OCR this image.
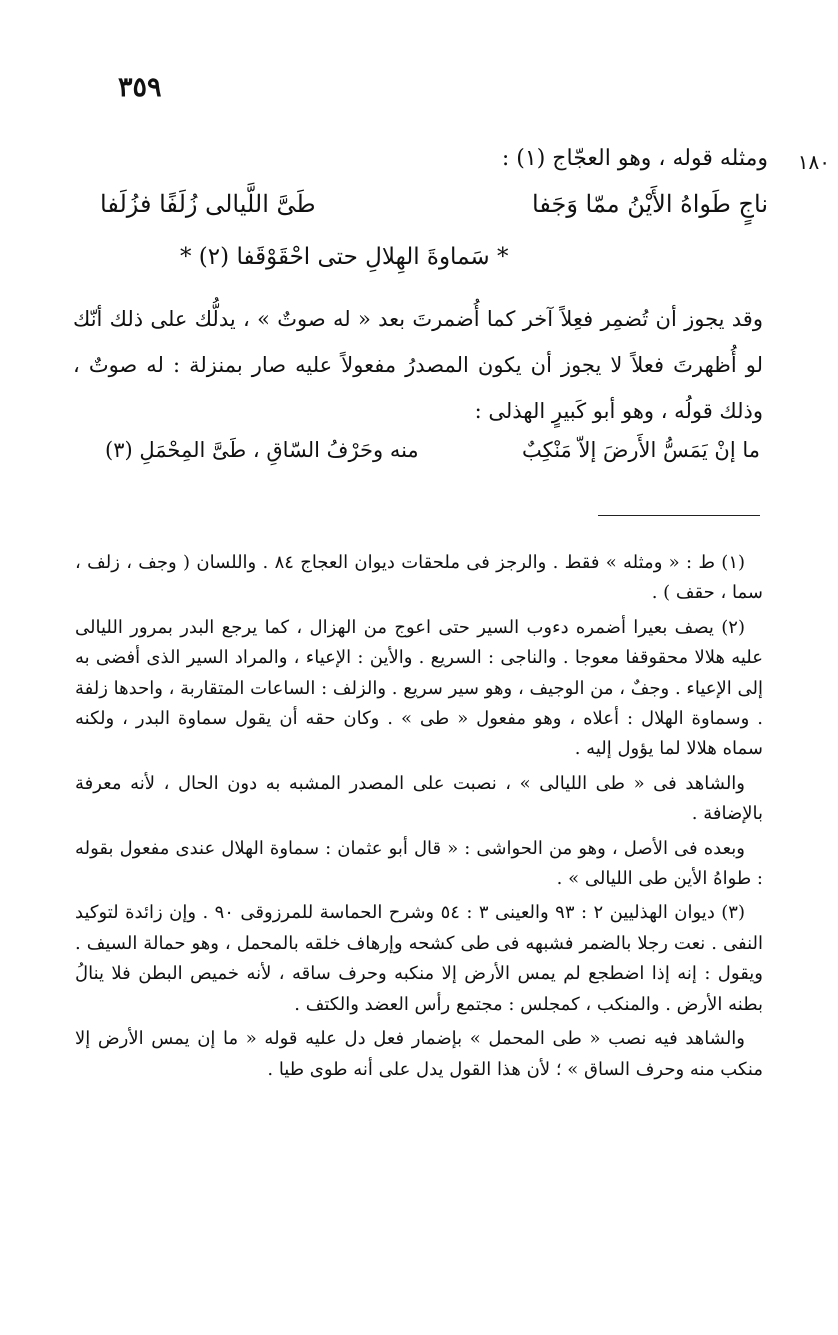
٣٥٩
١٨٠
ومثله قوله ، وهو العجّاج (١) :
ناجٍ طَواهُ الأَيْنُ ممّا وَجَفا
طَىَّ اللَّيالى زُلَفًا فزُلَفا
* سَماوةَ الهِلالِ حتى احْقَوْقَفا (٢) *
وقد يجوز أن تُضمِر فعِلاً آخر كما أُضمرتَ بعد « له صوتٌ » ، يدلُّك على ذلك أنّك لو أُظهرتَ فعلاً لا يجوز أن يكون المصدرُ مفعولاً عليه صار بمنزلة : له صوتٌ ، وذلك قولُه ، وهو أبو كَبيرٍ الهذلى :
ما إنْ يَمَسُّ الأَرضَ إلاّ مَنْكِبٌ
منه وحَرْفُ السّاقِ ، طَىَّ المِحْمَلِ (٣)

(١) ط : « ومثله » فقط . والرجز فى ملحقات ديوان العجاج ٨٤ . واللسان ( وجف ، زلف ، سما ، حقف ) .

(٢) يصف بعيرا أضمره دءوب السير حتى اعوج من الهزال ، كما يرجع البدر بمرور الليالى عليه هلالا محقوقفا معوجا . والناجى : السريع . والأين : الإعياء ، والمراد السير الذى أفضى به إلى الإعياء . وجفٌ ، من الوجيف ، وهو سير سريع . والزلف : الساعات المتقاربة ، واحدها زلفة . وسماوة الهلال : أعلاه ، وهو مفعول « طى » . وكان حقه أن يقول سماوة البدر ، ولكنه سماه هلالا لما يؤول إليه .

والشاهد فى « طى الليالى » ، نصبت على المصدر المشبه به دون الحال ، لأنه معرفة بالإضافة .

وبعده فى الأصل ، وهو من الحواشى : « قال أبو عثمان : سماوة الهلال عندى مفعول بقوله : طواهُ الأين طى الليالى » .

(٣) ديوان الهذليين ٢ : ٩٣ والعينى ٣ : ٥٤ وشرح الحماسة للمرزوقى ٩٠ . وإن زائدة لتوكيد النفى . نعت رجلا بالضمر فشبهه فى طى كشحه وإرهاف خلقه بالمحمل ، وهو حمالة السيف . ويقول : إنه إذا اضطجع لم يمس الأرض إلا منكبه وحرف ساقه ، لأنه خميص البطن فلا ينالُ بطنه الأرض . والمنكب ، كمجلس : مجتمع رأس العضد والكتف .

والشاهد فيه نصب « طى المحمل » بإضمار فعل دل عليه قوله « ما إن يمس الأرض إلا منكب منه وحرف الساق » ؛ لأن هذا القول يدل على أنه طوى طيا .
